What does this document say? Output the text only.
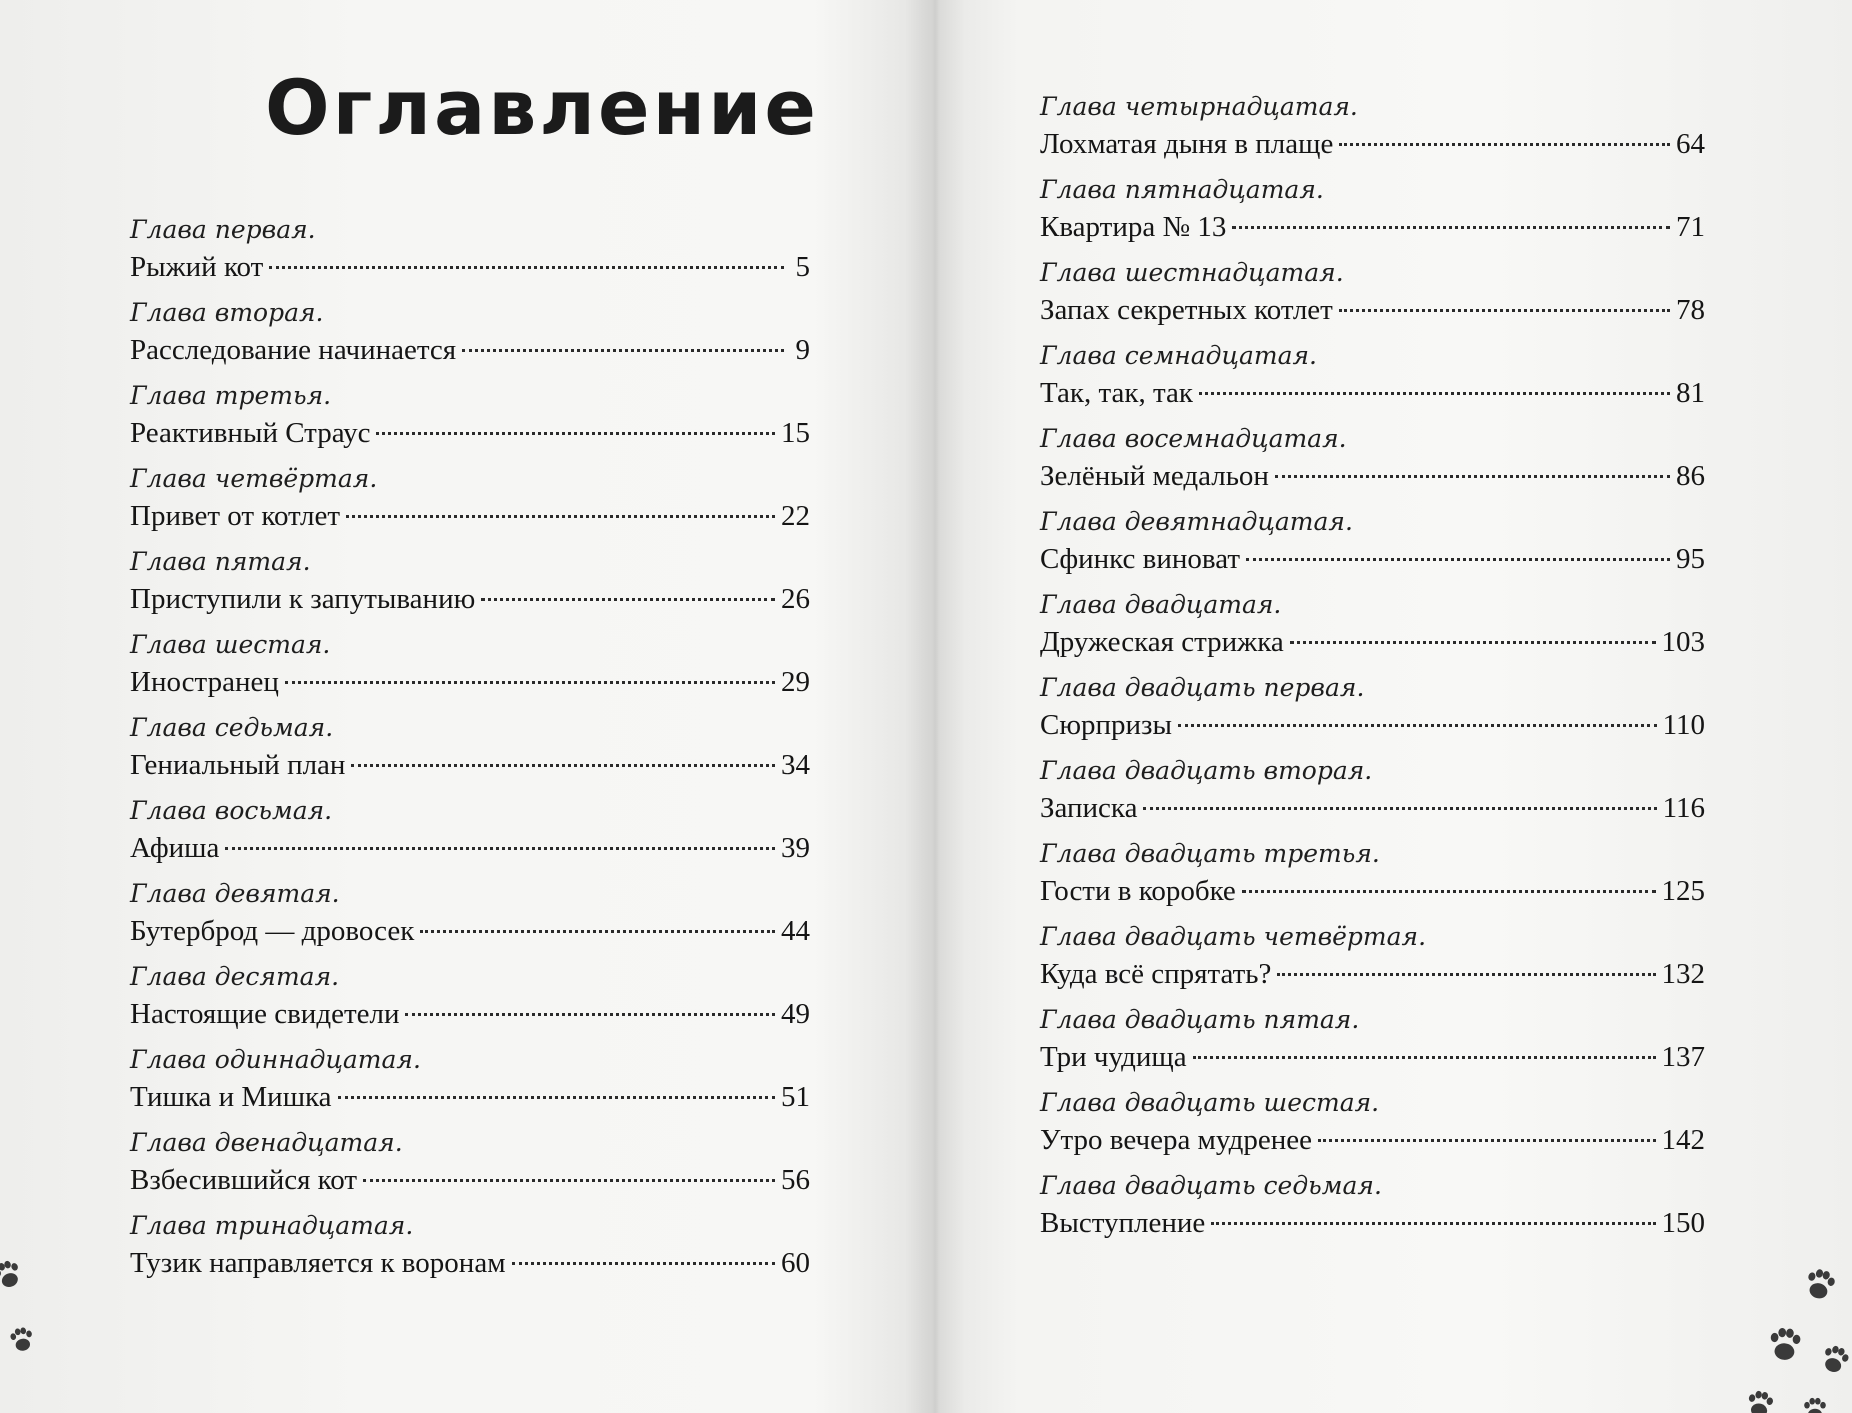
Оглавление
Глава первая.
Рыжий кот	5
Глава вторая.
Расследование начинается	9
Глава третья.
Реактивный Страус	15
Глава четвёртая.
Привет от котлет	22
Глава пятая.
Приступили к запутыванию	26
Глава шестая.
Иностранец	29
Глава седьмая.
Гениальный план	34
Глава восьмая.
Афиша	39
Глава девятая.
Бутерброд — дровосек	44
Глава десятая.
Настоящие свидетели	49
Глава одиннадцатая.
Тишка и Мишка	51
Глава двенадцатая.
Взбесившийся кот	56
Глава тринадцатая.
Тузик направляется к воронам	60
Глава четырнадцатая.
Лохматая дыня в плаще	64
Глава пятнадцатая.
Квартира № 13	71
Глава шестнадцатая.
Запах секретных котлет	78
Глава семнадцатая.
Так, так, так	81
Глава восемнадцатая.
Зелёный медальон	86
Глава девятнадцатая.
Сфинкс виноват	95
Глава двадцатая.
Дружеская стрижка	103
Глава двадцать первая.
Сюрпризы	110
Глава двадцать вторая.
Записка	116
Глава двадцать третья.
Гости в коробке	125
Глава двадцать четвёртая.
Куда всё спрятать?	132
Глава двадцать пятая.
Три чудища	137
Глава двадцать шестая.
Утро вечера мудренее	142
Глава двадцать седьмая.
Выступление	150
